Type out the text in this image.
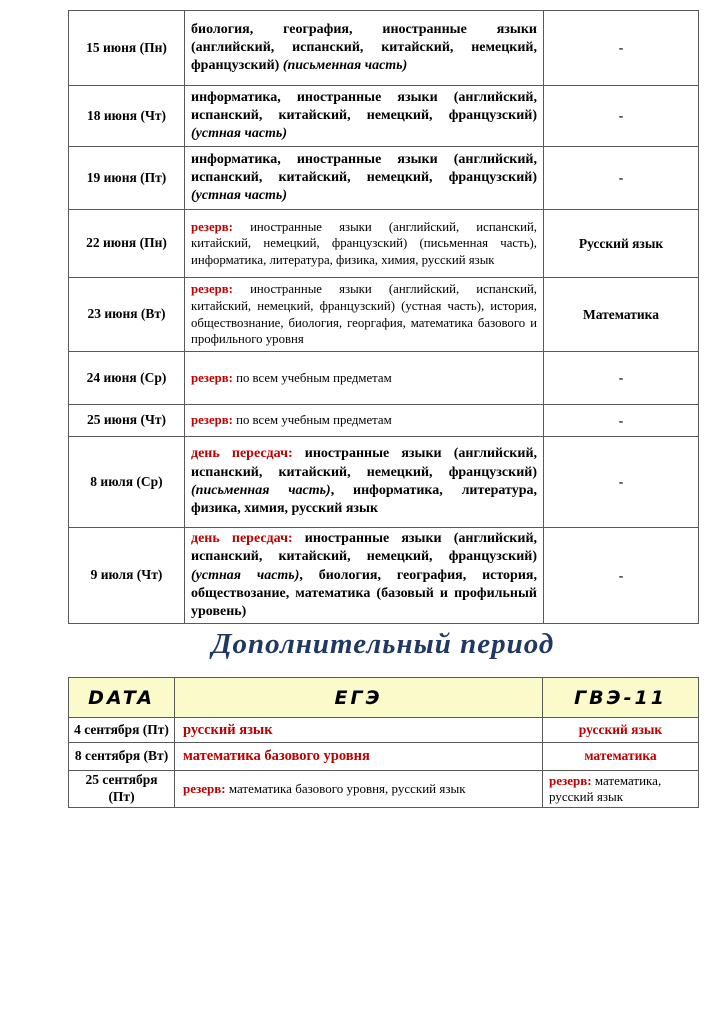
15 июня (Пн)	биология, география, иностранные языки (английский, испанский, китайский, немецкий, французский) (письменная часть)	-
18 июня (Чт)	информатика, иностранные языки (английский, испанский, китайский, немецкий, французский) (устная часть)	-
19 июня (Пт)	информатика, иностранные языки (английский, испанский, китайский, немецкий, французский) (устная часть)	-
22 июня (Пн)	резерв: иностранные языки (английский, испанский, китайский, немецкий, французский) (письменная часть), информатика, литература, физика, химия, русский язык	Русский язык
23 июня (Вт)	резерв: иностранные языки (английский, испанский, китайский, немецкий, французский) (устная часть), история, обществознание, биология, георгафия, математика базового и профильного уровня	Математика
24 июня (Ср)	резерв: по всем учебным предметам	-
25 июня (Чт)	резерв: по всем учебным предметам	-
8 июля (Ср)	день пересдач: иностранные языки (английский, испанский, китайский, немецкий, французский) (письменная часть), информатика, литература, физика, химия, русский язык	-
9 июля (Чт)	день пересдач: иностранные языки (английский, испанский, китайский, немецкий, французский) (устная часть), биология, география, история, обществозание, математика (базовый и профильный уровень)	-
Дополнительный период
DATA	ЕГЭ	ГВЭ-11
4 сентября (Пт)	русский язык	русский язык
8 сентября (Вт)	математика базового уровня	математика
25 сентября (Пт)	резерв: математика базового уровня, русский язык	резерв: математика, русский язык
